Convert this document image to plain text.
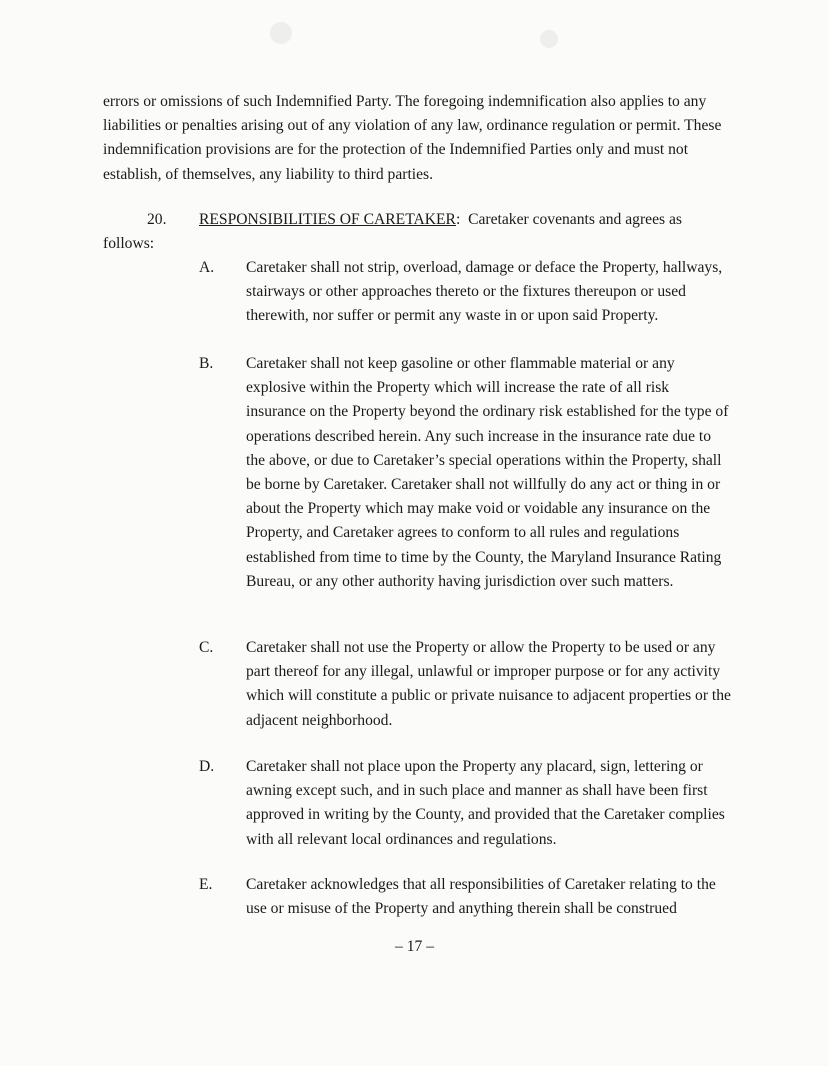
errors or omissions of such Indemnified Party. The foregoing indemnification also applies to any liabilities or penalties arising out of any violation of any law, ordinance regulation or permit. These indemnification provisions are for the protection of the Indemnified Parties only and must not establish, of themselves, any liability to third parties.

20. RESPONSIBILITIES OF CARETAKER:  Caretaker covenants and agrees as

follows:

A. Caretaker shall not strip, overload, damage or deface the Property, hallways, stairways or other approaches thereto or the fixtures thereupon or used therewith, nor suffer or permit any waste in or upon said Property.

B. Caretaker shall not keep gasoline or other flammable material or any explosive within the Property which will increase the rate of all risk insurance on the Property beyond the ordinary risk established for the type of operations described herein. Any such increase in the insurance rate due to the above, or due to Caretaker’s special operations within the Property, shall be borne by Caretaker. Caretaker shall not willfully do any act or thing in or about the Property which may make void or voidable any insurance on the Property, and Caretaker agrees to conform to all rules and regulations established from time to time by the County, the Maryland Insurance Rating Bureau, or any other authority having jurisdiction over such matters.

C. Caretaker shall not use the Property or allow the Property to be used or any part thereof for any illegal, unlawful or improper purpose or for any activity which will constitute a public or private nuisance to adjacent properties or the adjacent neighborhood.

D. Caretaker shall not place upon the Property any placard, sign, lettering or awning except such, and in such place and manner as shall have been first approved in writing by the County, and provided that the Caretaker complies with all relevant local ordinances and regulations.

E. Caretaker acknowledges that all responsibilities of Caretaker relating to the use or misuse of the Property and anything therein shall be construed

– 17 –
